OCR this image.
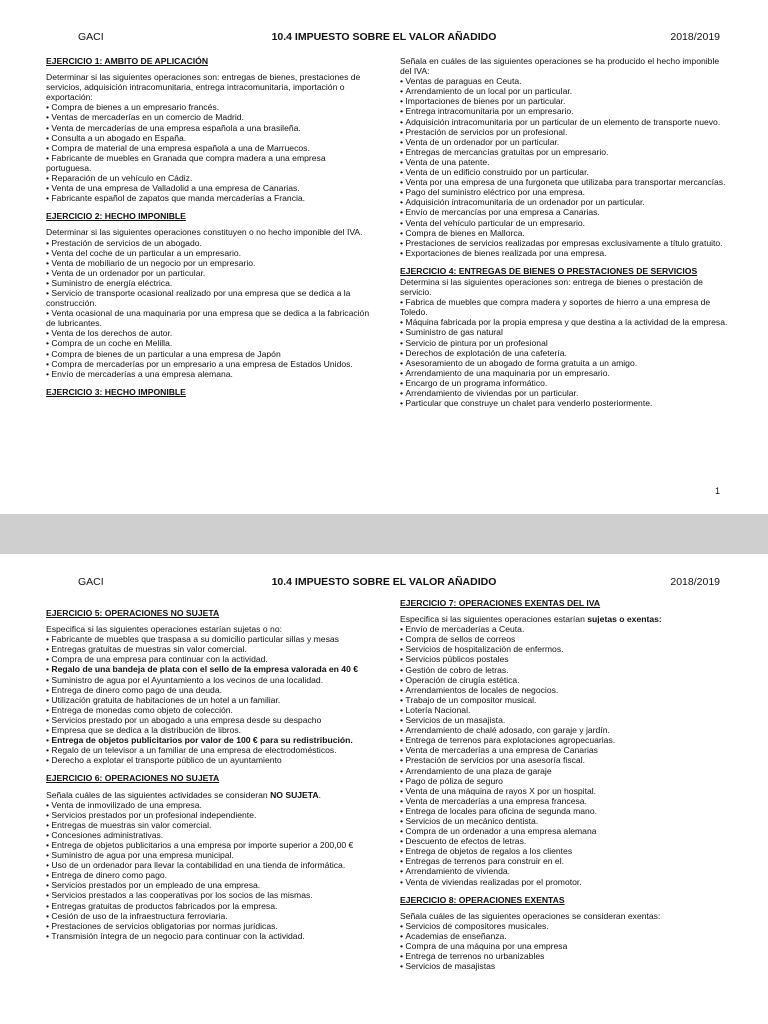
10.4 IMPUESTO SOBRE EL VALOR AÑADIDO
GACI	2018/2019
EJERCICIO 1: AMBITO DE APLICACIÓN
Determinar si las siguientes operaciones son: entregas de bienes, prestaciones de servicios, adquisición intracomunitaria, entrega intracomunitaria, importación o exportación:
• Compra de bienes a un empresario francés.
• Ventas de mercaderías en un comercio de Madrid.
• Venta de mercaderías de una empresa española a una brasileña.
• Consulta a un abogado en España.
• Compra de material de una empresa española a una de Marruecos.
• Fabricante de muebles en Granada que compra madera a una empresa portuguesa.
• Reparación de un vehículo en Cádiz.
• Venta de una empresa de Valladolid a una empresa de Canarias.
• Fabricante español de zapatos que manda mercaderías a Francia.
EJERCICIO 2: HECHO IMPONIBLE
Determinar si las siguientes operaciones constituyen o no hecho imponible del IVA.
• Prestación de servicios de un abogado.
• Venta del coche de un particular a un empresario.
• Venta de mobiliario de un negocio por un empresario.
• Venta de un ordenador por un particular.
• Suministro de energía eléctrica.
• Servicio de transporte ocasional realizado por una empresa que se dedica a la construcción.
• Venta ocasional de una maquinaria por una empresa que se dedica a la fabricación de lubricantes.
• Venta de los derechos de autor.
• Compra de un coche en Melilla.
• Compra de bienes de un particular a una empresa de Japón
• Compra de mercaderías por un empresario a una empresa de Estados Unidos.
• Envío de mercaderías a una empresa alemana.
EJERCICIO 3: HECHO IMPONIBLE
Señala en cuáles de las siguientes operaciones se ha producido el hecho imponible del IVA:
• Ventas de paraguas en Ceuta.
• Arrendamiento de un local por un particular.
• Importaciones de bienes por un particular.
• Entrega intracomunitaria por un empresario.
• Adquisición intracomunitaria por un particular de un elemento de transporte nuevo.
• Prestación de servicios por un profesional.
• Venta de un ordenador por un particular.
• Entregas de mercancías gratuitas por un empresario.
• Venta de una patente.
• Venta de un edificio construido por un particular.
• Venta por una empresa de una furgoneta que utilizaba para transportar mercancías.
• Pago del suministro eléctrico por una empresa.
• Adquisición intracomunitaria de un ordenador por un particular.
• Envío de mercancías por una empresa a Canarias.
• Venta del vehículo particular de un empresario.
• Compra de bienes en Mallorca.
• Prestaciones de servicios realizadas por empresas exclusivamente a título gratuito.
• Exportaciones de bienes realizada por una empresa.
EJERCICIO 4: ENTREGAS DE BIENES O PRESTACIONES DE SERVICIOS
Determina si las siguientes operaciones son: entrega de bienes o prestación de servicio.
• Fabrica de muebles que compra madera y soportes de hierro a una empresa de Toledo.
• Máquina fabricada por la propia empresa y que destina a la actividad de la empresa.
• Suministro de gas natural
• Servicio de pintura por un profesional
• Derechos de explotación de una cafetería.
• Asesoramiento de un abogado de forma gratuita a un amigo.
• Arrendamiento de una maquinaria por un empresario.
• Encargo de un programa informático.
• Arrendamiento de viviendas por un particular.
• Particular que construye un chalet para venderlo posteriormente.
1
10.4 IMPUESTO SOBRE EL VALOR AÑADIDO
GACI	2018/2019
EJERCICIO 5: OPERACIONES NO SUJETA
Especifica si las siguientes operaciones estarían sujetas o no:
• Fabricante de muebles que traspasa a su domicilio particular sillas y mesas
• Entregas gratuitas de muestras sin valor comercial.
• Compra de una empresa para continuar con la actividad.
• Regalo de una bandeja de plata con el sello de la empresa valorada en 40 €
• Suministro de agua por el Ayuntamiento a los vecinos de una localidad.
• Entrega de dinero como pago de una deuda.
• Utilización gratuita de habitaciones de un hotel a un familiar.
• Entrega de monedas como objeto de colección.
• Servicios prestado por un abogado a una empresa desde su despacho
• Empresa que se dedica a la distribución de libros.
• Entrega de objetos publicitarios por valor de 100 € para su redistribución.
• Regalo de un televisor a un familiar de una empresa de electrodomésticos.
• Derecho a explotar el transporte público de un ayuntamiento
EJERCICIO 6: OPERACIONES NO SUJETA
Señala cuáles de las siguientes actividades se consideran NO SUJETA.
• Venta de inmovilizado de una empresa.
• Servicios prestados por un profesional independiente.
• Entregas de muestras sin valor comercial.
• Concesiones administrativas.
• Entrega de objetos publicitarios a una empresa por importe superior a 200,00 €
• Suministro de agua por una empresa municipal.
• Uso de un ordenador para llevar la contabilidad en una tienda de informática.
• Entrega de dinero como pago.
• Servicios prestados por un empleado de una empresa.
• Servicios prestados a las cooperativas por los socios de las mismas.
• Entregas gratuitas de productos fabricados por la empresa.
• Cesión de uso de la infraestructura ferroviaria.
• Prestaciones de servicios obligatorias por normas jurídicas.
• Transmisión íntegra de un negocio para continuar con la actividad.
EJERCICIO 7: OPERACIONES EXENTAS DEL IVA
Especifica si las siguientes operaciones estarían sujetas o exentas:
• Envío de mercaderías a Ceuta.
• Compra de sellos de correos
• Servicios de hospitalización de enfermos.
• Servicios públicos postales
• Gestión de cobro de letras.
• Operación de cirugía estética.
• Arrendamientos de locales de negocios.
• Trabajo de un compositor musical.
• Lotería Nacional.
• Servicios de un masajista.
• Arrendamiento de chalé adosado, con garaje y jardín.
• Entrega de terrenos para explotaciones agropecuarias.
• Venta de mercaderías a una empresa de Canarias
• Prestación de servicios por una asesoría fiscal.
• Arrendamiento de una plaza de garaje
• Pago de póliza de seguro
• Venta de una máquina de rayos X por un hospital.
• Venta de mercaderías a una empresa francesa.
• Entrega de locales para oficina de segunda mano.
• Servicios de un mecánico dentista.
• Compra de un ordenador a una empresa alemana
• Descuento de efectos de letras.
• Entrega de objetos de regalos a los clientes
• Entregas de terrenos para construir en el.
• Arrendamiento de vivienda.
• Venta de viviendas realizadas por el promotor.
EJERCICIO 8: OPERACIONES EXENTAS
Señala cuáles de las siguientes operaciones se consideran exentas:
• Servicios de compositores musicales.
• Academias de enseñanza.
• Compra de una máquina por una empresa
• Entrega de terrenos no urbanizables
• Servicios de masajistas
